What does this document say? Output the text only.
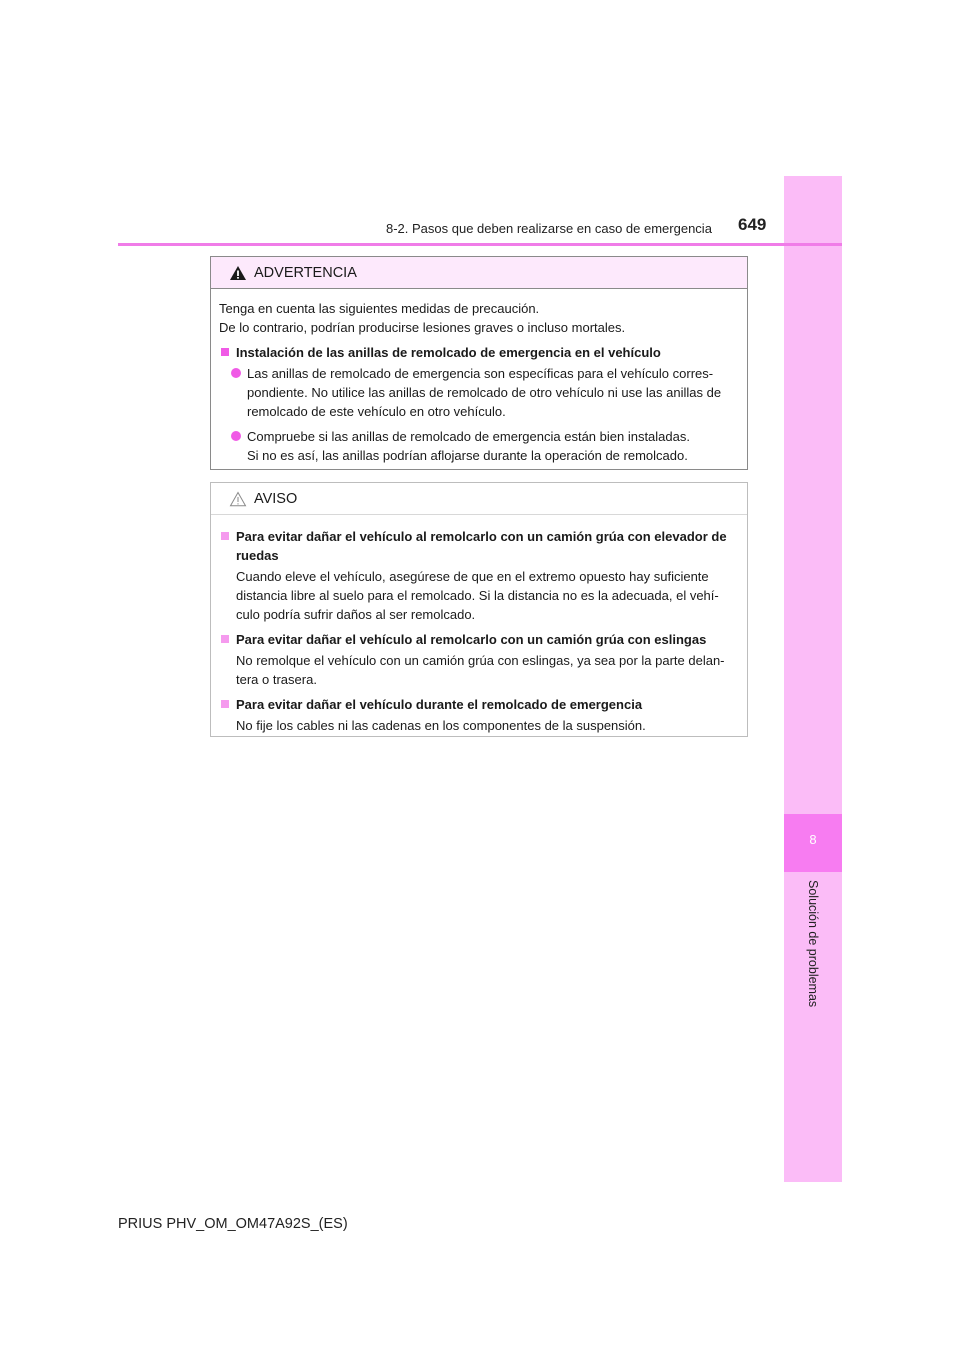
8
Solución de problemas
8-2. Pasos que deben realizarse en caso de emergencia 649
ADVERTENCIA
Tenga en cuenta las siguientes medidas de precaución.
De lo contrario, podrían producirse lesiones graves o incluso mortales.
Instalación de las anillas de remolcado de emergencia en el vehículo
Las anillas de remolcado de emergencia son específicas para el vehículo corres-
pondiente. No utilice las anillas de remolcado de otro vehículo ni use las anillas de
remolcado de este vehículo en otro vehículo.
Compruebe si las anillas de remolcado de emergencia están bien instaladas.
Si no es así, las anillas podrían aflojarse durante la operación de remolcado.
AVISO
Para evitar dañar el vehículo al remolcarlo con un camión grúa con elevador de
ruedas
Cuando eleve el vehículo, asegúrese de que en el extremo opuesto hay suficiente
distancia libre al suelo para el remolcado. Si la distancia no es la adecuada, el vehí-
culo podría sufrir daños al ser remolcado.
Para evitar dañar el vehículo al remolcarlo con un camión grúa con eslingas
No remolque el vehículo con un camión grúa con eslingas, ya sea por la parte delan-
tera o trasera.
Para evitar dañar el vehículo durante el remolcado de emergencia
No fije los cables ni las cadenas en los componentes de la suspensión.
PRIUS PHV_OM_OM47A92S_(ES)
